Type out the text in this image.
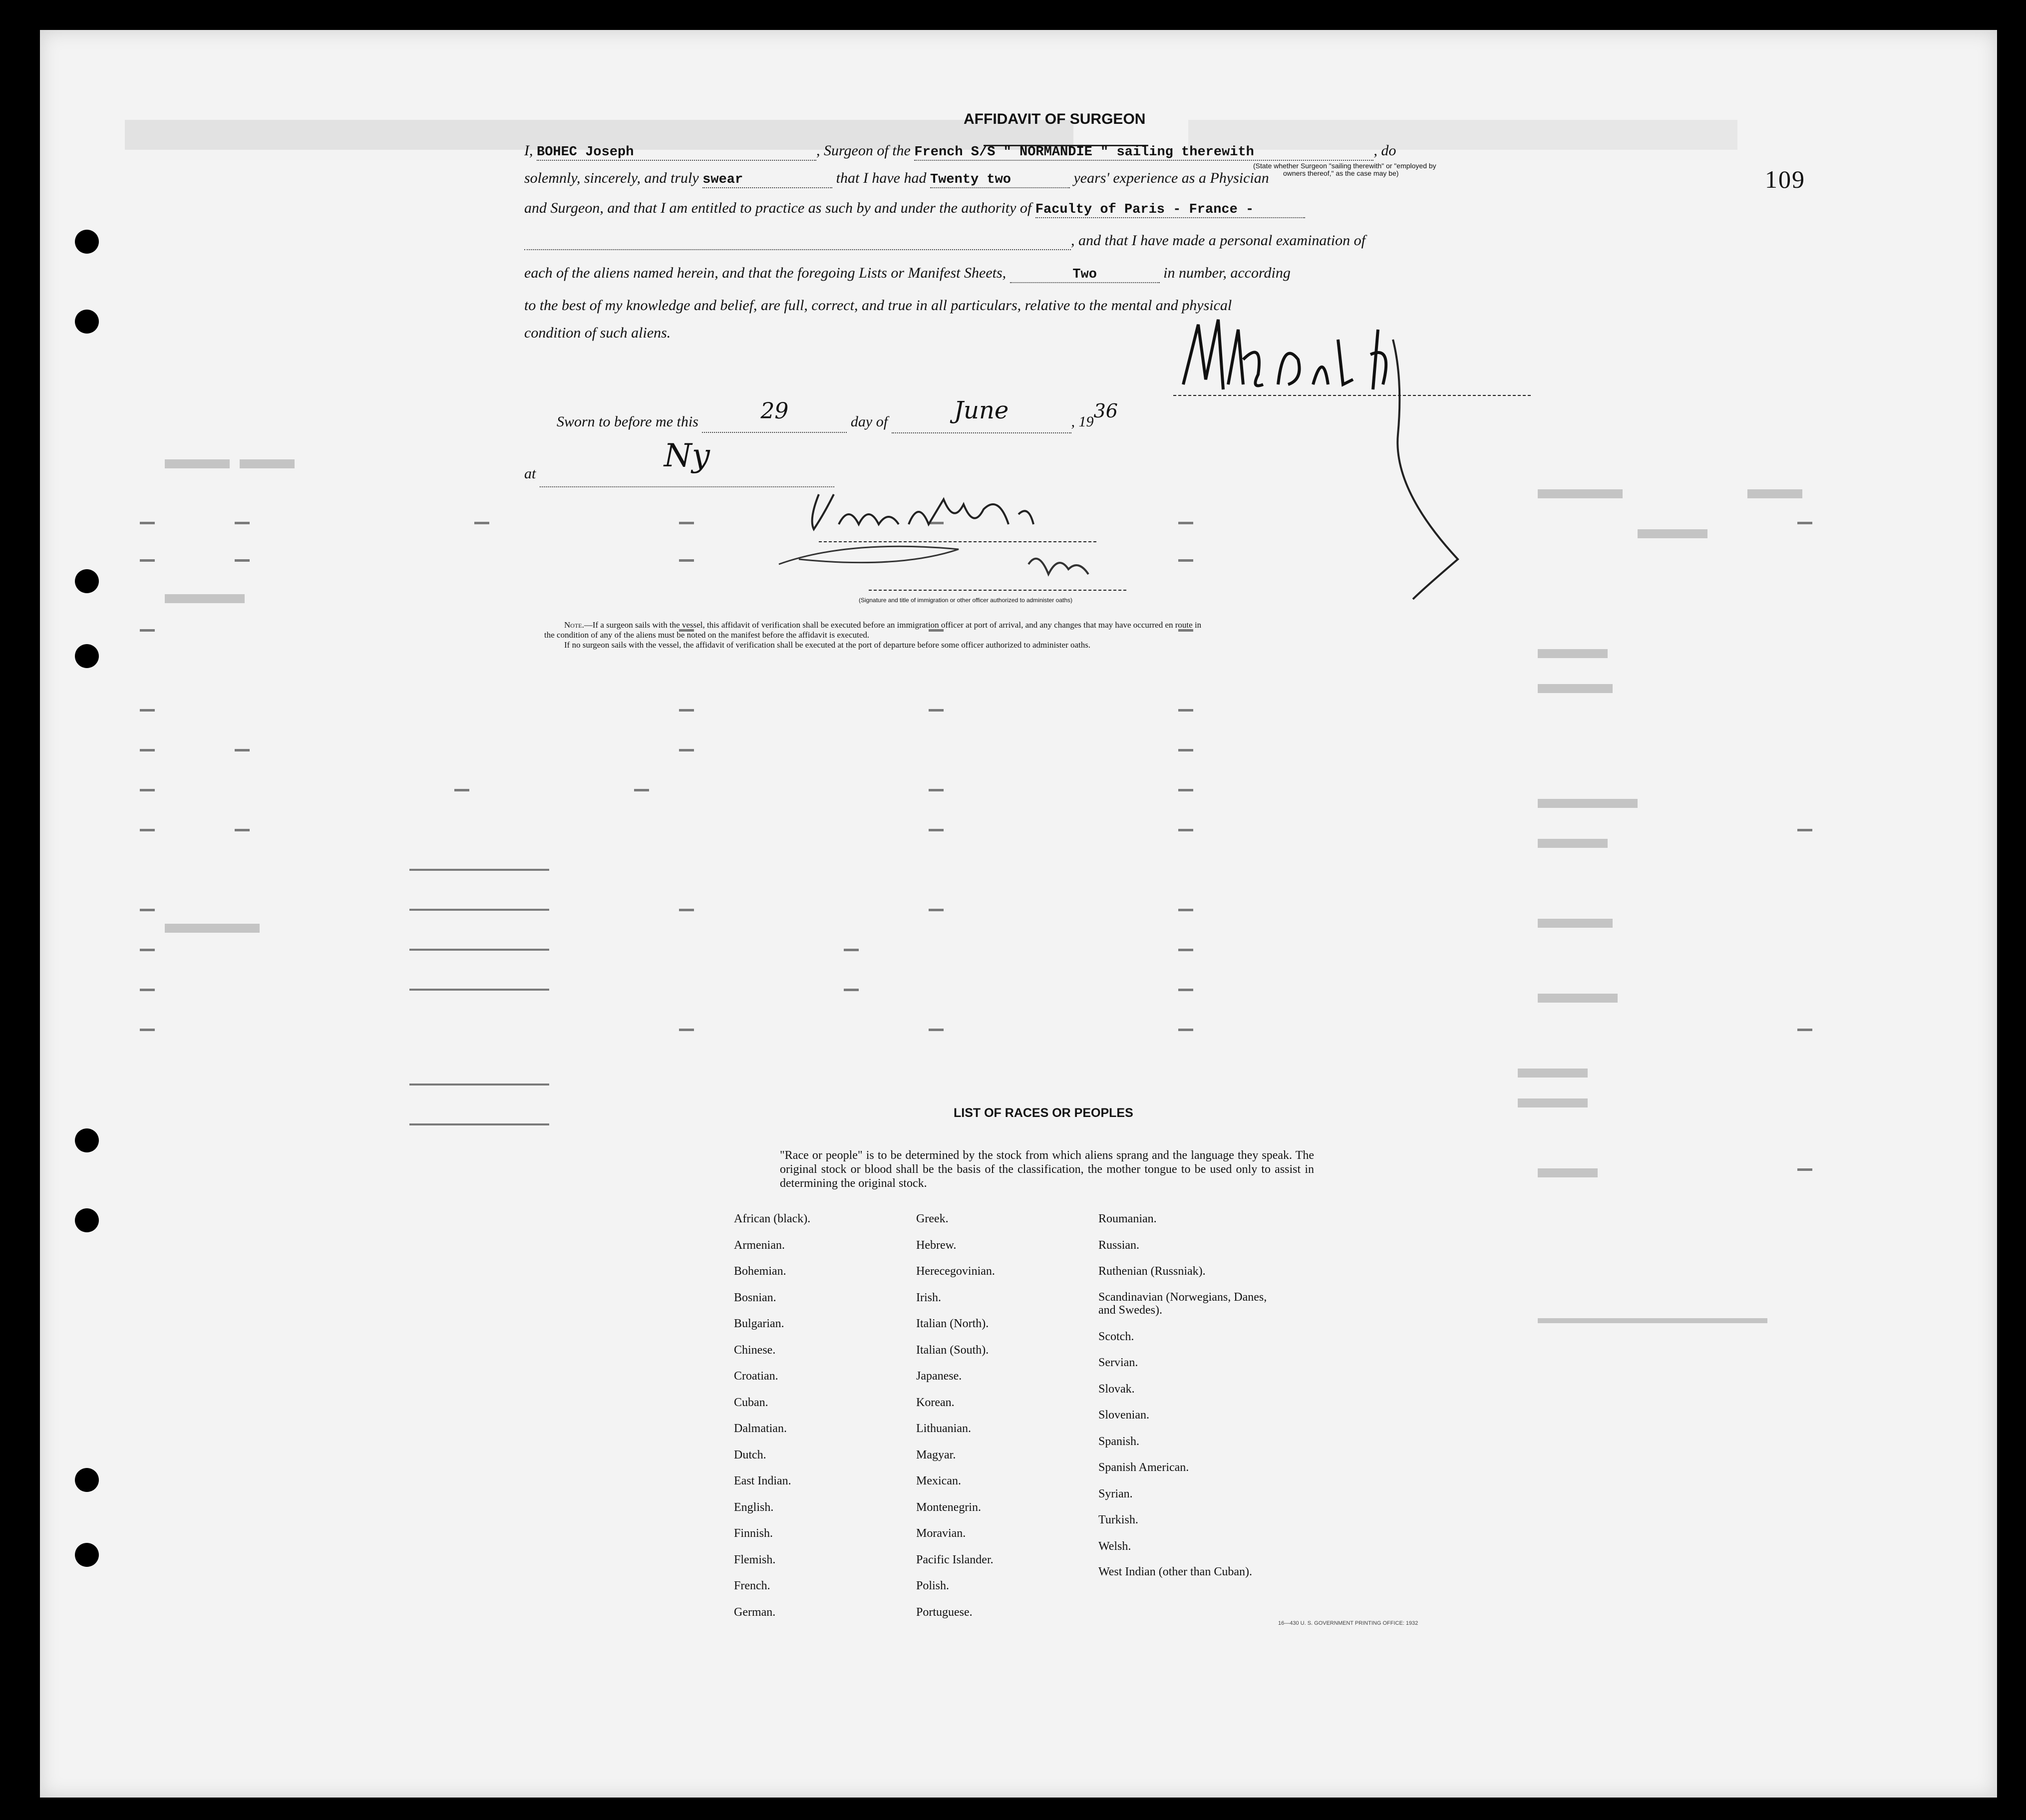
109
AFFIDAVIT OF SURGEON
I, BOHEC Joseph	, Surgeon of the French S/S " NORMANDIE " sailing therewith	, do
(State whether Surgeon "sailing therewith" or "employed by
owners thereof," as the case may be)
solemnly, sincerely, and truly swear	that I have had Twenty two	years' experience as a Physician
and Surgeon, and that I am entitled to practice as such by and under the authority of Faculty of Paris - France -
, and that I have made a personal examination of
each of the aliens named herein, and that the foregoing Lists or Manifest Sheets,	Two	in number, according
to the best of my knowledge and belief, are full, correct, and true in all particulars, relative to the mental and physical
condition of such aliens.
Sworn to before me this	29	day of	June	, 1936
at	Ny
(Signature and title of immigration or other officer authorized to administer oaths)
Note.—If a surgeon sails with the vessel, this affidavit of verification shall be executed before an immigration officer at port of arrival, and any changes that may have occurred en route in
the condition of any of the aliens must be noted on the manifest before the affidavit is executed.
If no surgeon sails with the vessel, the affidavit of verification shall be executed at the port of departure before some officer authorized to administer oaths.
LIST OF RACES OR PEOPLES
"Race or people" is to be determined by the stock from which aliens sprang and the language they speak. The original stock or blood shall be the basis of the classification, the mother tongue to be used only to assist in determining the original stock.
African (black).
Armenian.
Bohemian.
Bosnian.
Bulgarian.
Chinese.
Croatian.
Cuban.
Dalmatian.
Dutch.
East Indian.
English.
Finnish.
Flemish.
French.
German.
Greek.
Hebrew.
Herecegovinian.
Irish.
Italian (North).
Italian (South).
Japanese.
Korean.
Lithuanian.
Magyar.
Mexican.
Montenegrin.
Moravian.
Pacific Islander.
Polish.
Portuguese.
Roumanian.
Russian.
Ruthenian (Russniak).
Scandinavian (Norwegians, Danes, and Swedes).
Scotch.
Servian.
Slovak.
Slovenian.
Spanish.
Spanish American.
Syrian.
Turkish.
Welsh.
West Indian (other than Cuban).
16—430 U. S. GOVERNMENT PRINTING OFFICE: 1932
